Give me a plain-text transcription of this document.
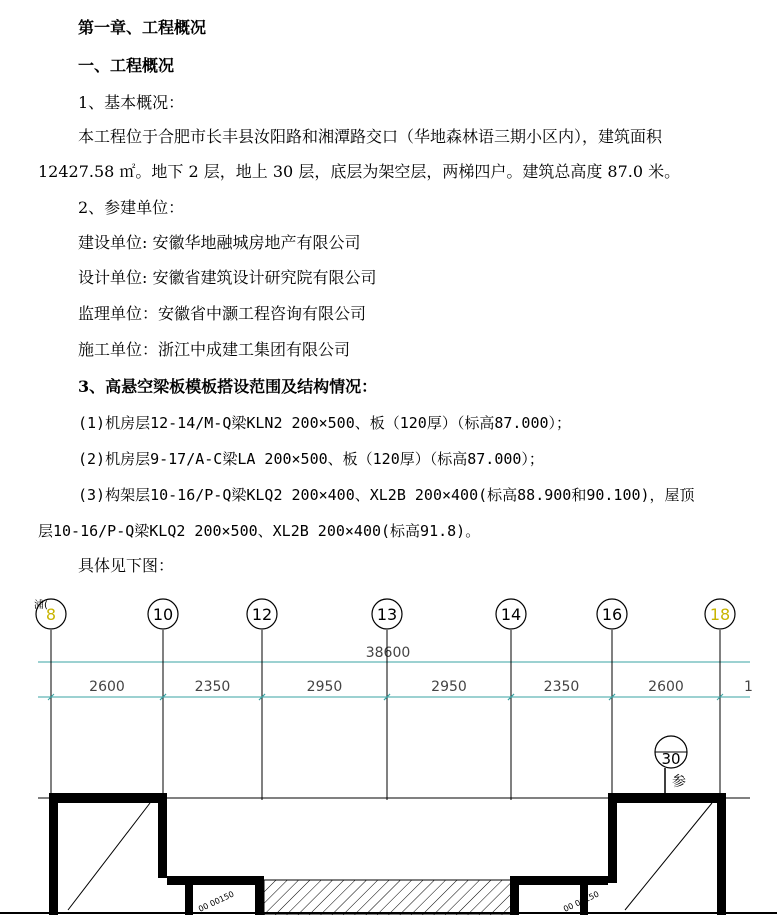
第一章、工程概况
一、工程概况
1、基本概况：
本工程位于合肥市长丰县汝阳路和湘潭路交口（华地森林语三期小区内），建筑面积
12427.58 ㎡。地下 2 层，地上 30 层，底层为架空层，两梯四户。建筑总高度 87.0 米。
2、参建单位：
建设单位: 安徽华地融城房地产有限公司
设计单位: 安徽省建筑设计研究院有限公司
监理单位：安徽省中灏工程咨询有限公司
施工单位：浙江中成建工集团有限公司
3、高悬空梁板模板搭设范围及结构情况：
(1)机房层12-14/M-Q梁KLN2 200×500、板（120厚）（标高87.000）；
(2)机房层9-17/A-C梁LA 200×500、板（120厚）（标高87.000）；
(3)构架层10-16/P-Q梁KLQ2 200×400、XL2B 200×400(标高88.900和90.100)，屋顶
层10-16/P-Q梁KLQ2 200×500、XL2B 200×400(标高91.8)。
具体见下图：
38600
8	10	12	13	14	16	18
2600	2350	2950	2950	2350	2600	1
浦(
30
参
00 00150	00 00150
